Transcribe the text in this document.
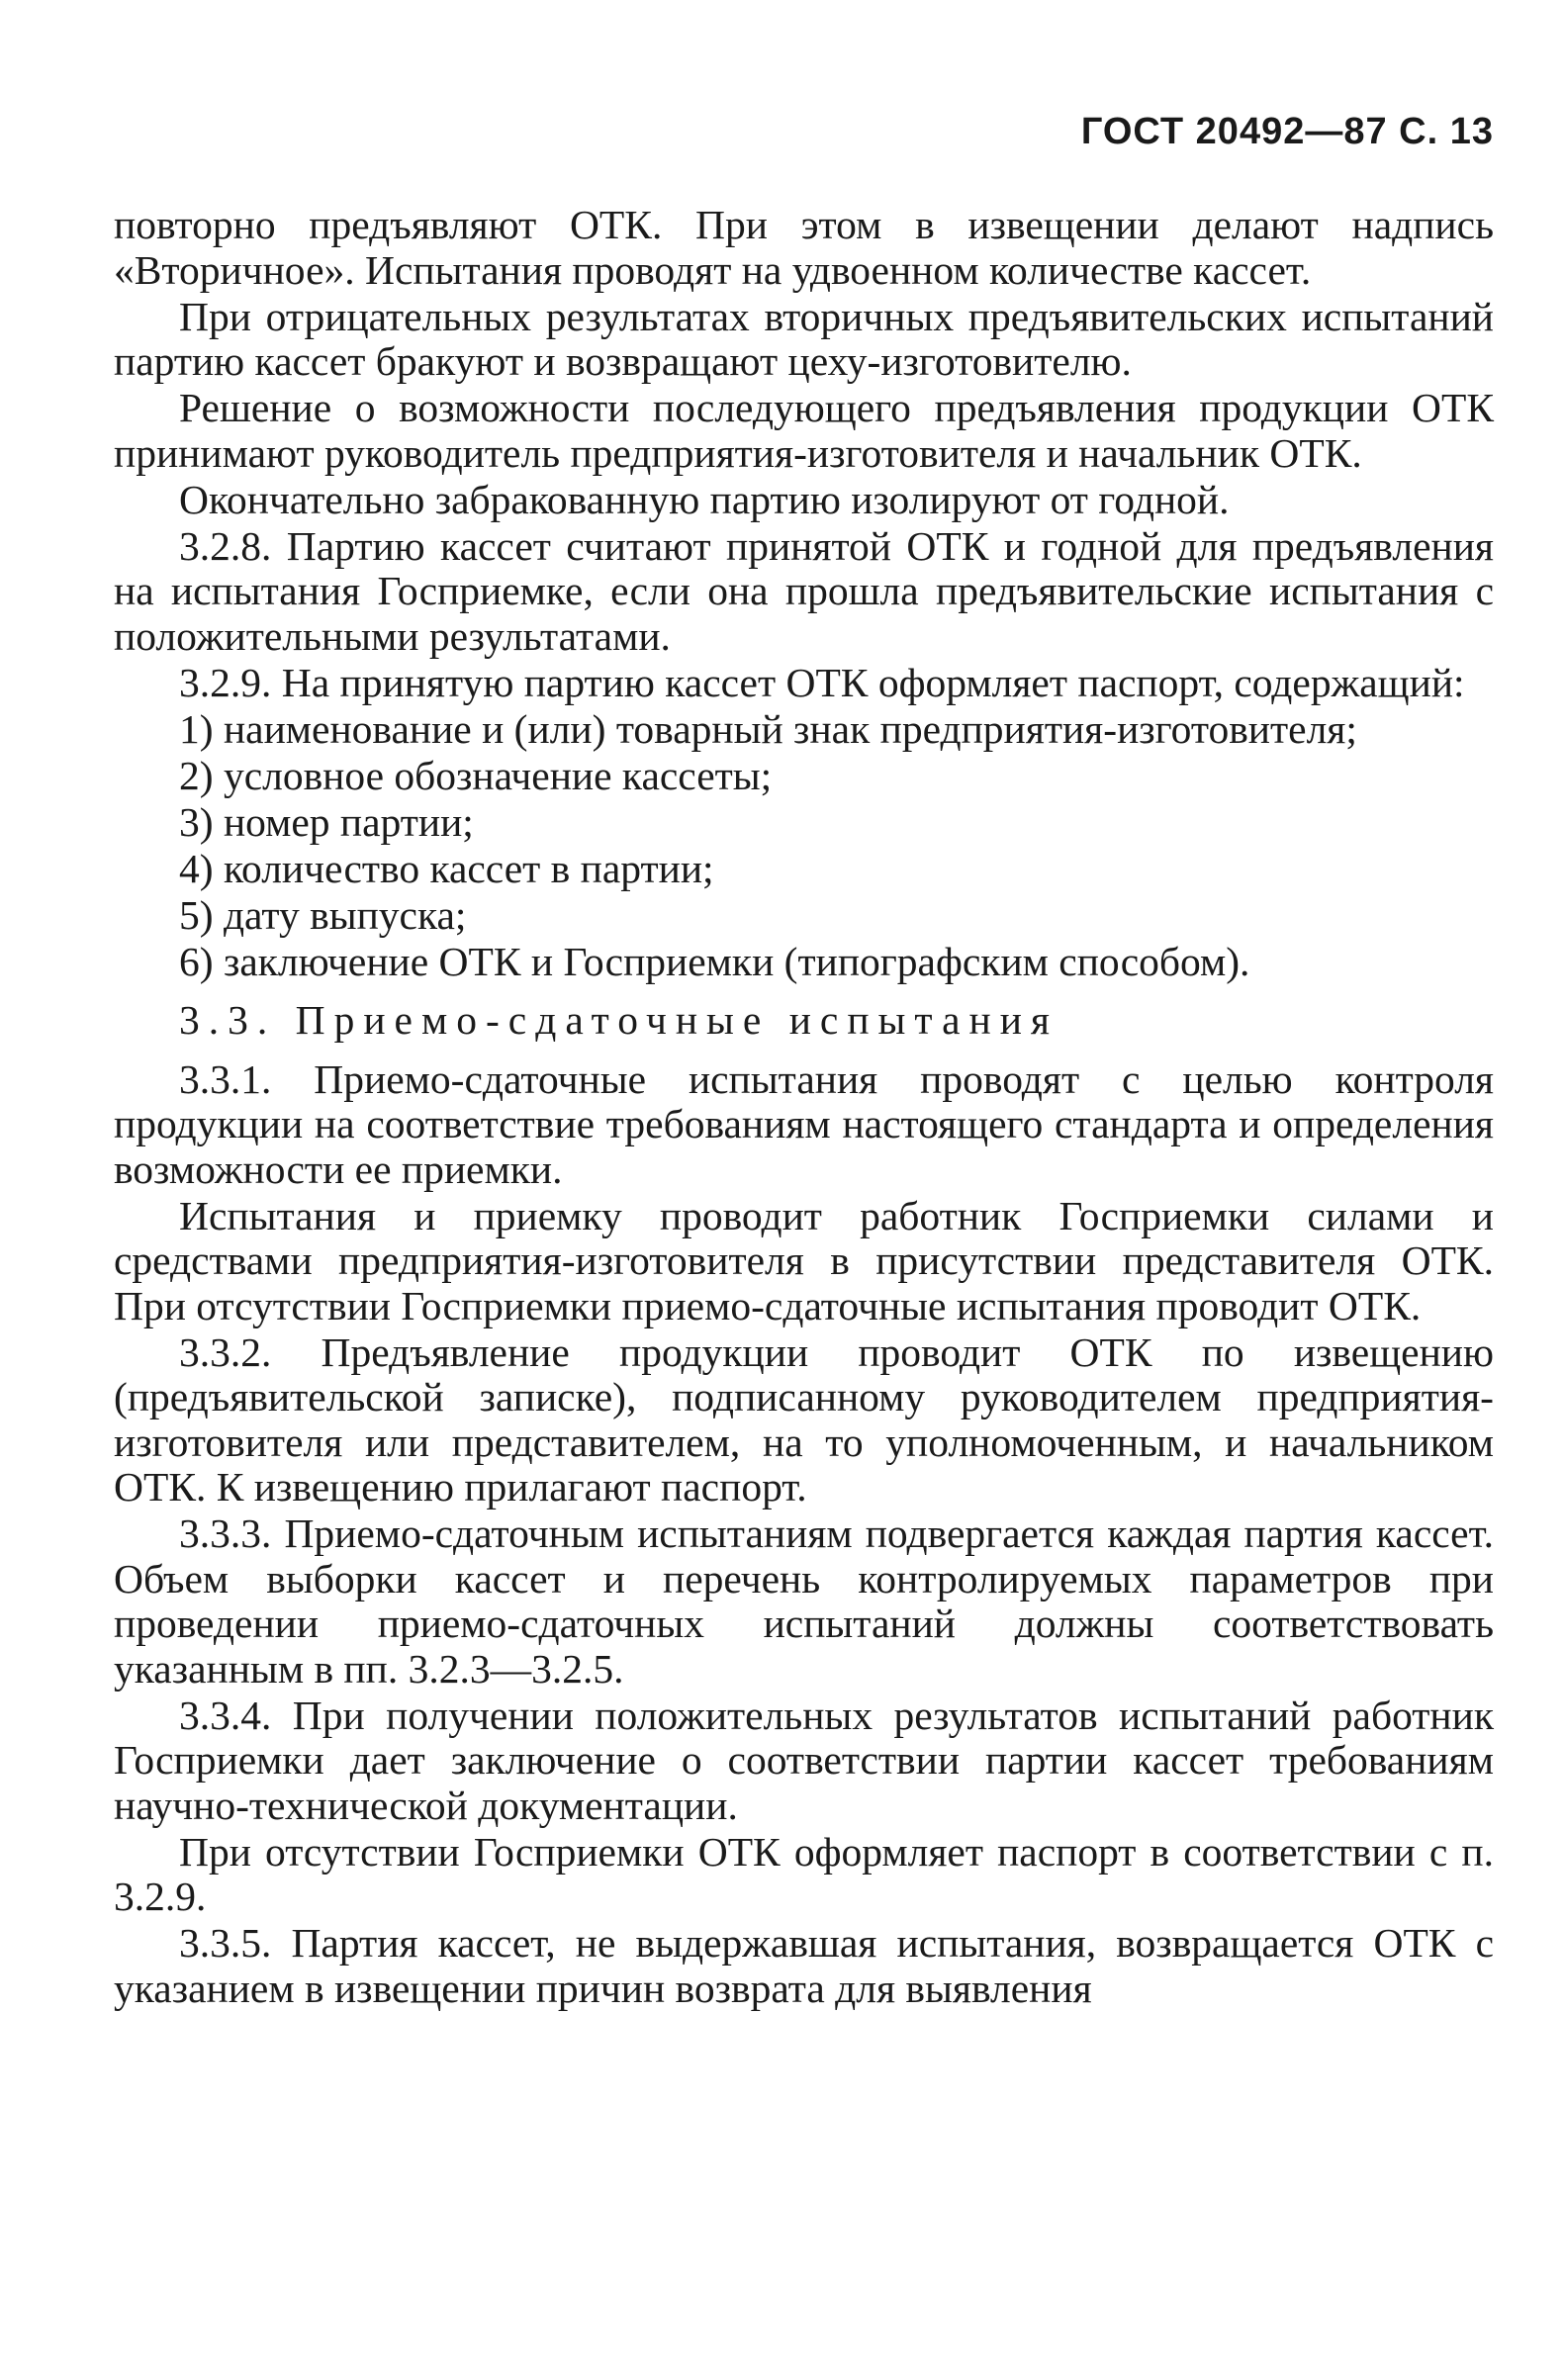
ГОСТ 20492—87 С. 13

повторно предъявляют ОТК. При этом в извещении делают надпись «Вторичное». Испытания проводят на удвоенном количестве кассет.

При отрицательных результатах вторичных предъявительских испытаний партию кассет бракуют и возвращают цеху-изготовителю.

Решение о возможности последующего предъявления продукции ОТК принимают руководитель предприятия-изготовителя и начальник ОТК.

Окончательно забракованную партию изолируют от годной.

3.2.8. Партию кассет считают принятой ОТК и годной для предъявления на испытания Госприемке, если она прошла предъявительские испытания с положительными результатами.

3.2.9. На принятую партию кассет ОТК оформляет паспорт, содержащий:

1) наименование и (или) товарный знак предприятия-изготовителя;

2) условное обозначение кассеты;

3) номер партии;

4) количество кассет в партии;

5) дату выпуска;

6) заключение ОТК и Госприемки (типографским способом).

3.3. Приемо-сдаточные испытания

3.3.1. Приемо-сдаточные испытания проводят с целью контроля продукции на соответствие требованиям настоящего стандарта и определения возможности ее приемки.

Испытания и приемку проводит работник Госприемки силами и средствами предприятия-изготовителя в присутствии представителя ОТК. При отсутствии Госприемки приемо-сдаточные испытания проводит ОТК.

3.3.2. Предъявление продукции проводит ОТК по извещению (предъявительской записке), подписанному руководителем предприятия-изготовителя или представителем, на то уполномоченным, и начальником ОТК. К извещению прилагают паспорт.

3.3.3. Приемо-сдаточным испытаниям подвергается каждая партия кассет. Объем выборки кассет и перечень контролируемых параметров при проведении приемо-сдаточных испытаний должны соответствовать указанным в пп. 3.2.3—3.2.5.

3.3.4. При получении положительных результатов испытаний работник Госприемки дает заключение о соответствии партии кассет требованиям научно-технической документации.

При отсутствии Госприемки ОТК оформляет паспорт в соответствии с п. 3.2.9.

3.3.5. Партия кассет, не выдержавшая испытания, возвращается ОТК с указанием в извещении причин возврата для выявления
